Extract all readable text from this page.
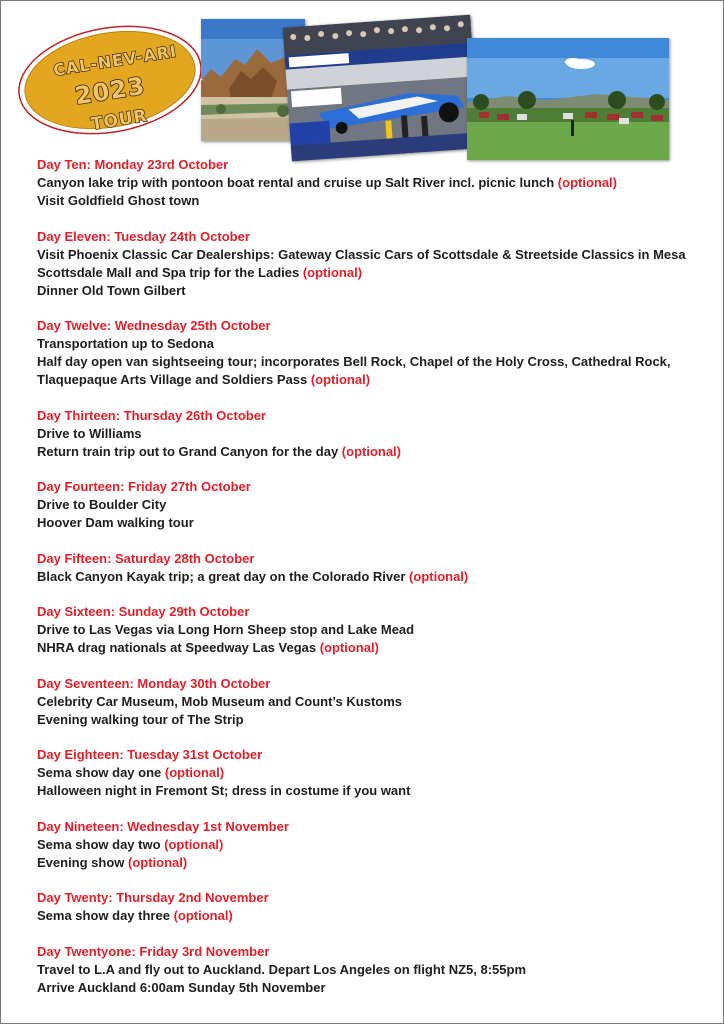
CAL-NEV-ARI
2023
TOUR
Day Ten: Monday 23rd October
Canyon lake trip with pontoon boat rental and cruise up Salt River incl. picnic lunch (optional)
Visit Goldfield Ghost town
Day Eleven: Tuesday 24th October
Visit Phoenix Classic Car Dealerships: Gateway Classic Cars of Scottsdale & Streetside Classics in Mesa
Scottsdale Mall and Spa trip for the Ladies (optional)
Dinner Old Town Gilbert
Day Twelve: Wednesday 25th October
Transportation up to Sedona
Half day open van sightseeing tour; incorporates Bell Rock, Chapel of the Holy Cross, Cathedral Rock,
Tlaquepaque Arts Village and Soldiers Pass (optional)
Day Thirteen: Thursday 26th October
Drive to Williams
Return train trip out to Grand Canyon for the day (optional)
Day Fourteen: Friday 27th October
Drive to Boulder City
Hoover Dam walking tour
Day Fifteen: Saturday 28th October
Black Canyon Kayak trip; a great day on the Colorado River (optional)
Day Sixteen: Sunday 29th October
Drive to Las Vegas via Long Horn Sheep stop and Lake Mead
NHRA drag nationals at Speedway Las Vegas (optional)
Day Seventeen: Monday 30th October
Celebrity Car Museum, Mob Museum and Count’s Kustoms
Evening walking tour of The Strip
Day Eighteen: Tuesday 31st October
Sema show day one (optional)
Halloween night in Fremont St; dress in costume if you want
Day Nineteen: Wednesday 1st November
Sema show day two (optional)
Evening show (optional)
Day Twenty: Thursday 2nd November
Sema show day three (optional)
Day Twentyone: Friday 3rd November
Travel to L.A and fly out to Auckland. Depart Los Angeles on flight NZ5, 8:55pm
Arrive Auckland 6:00am Sunday 5th November
